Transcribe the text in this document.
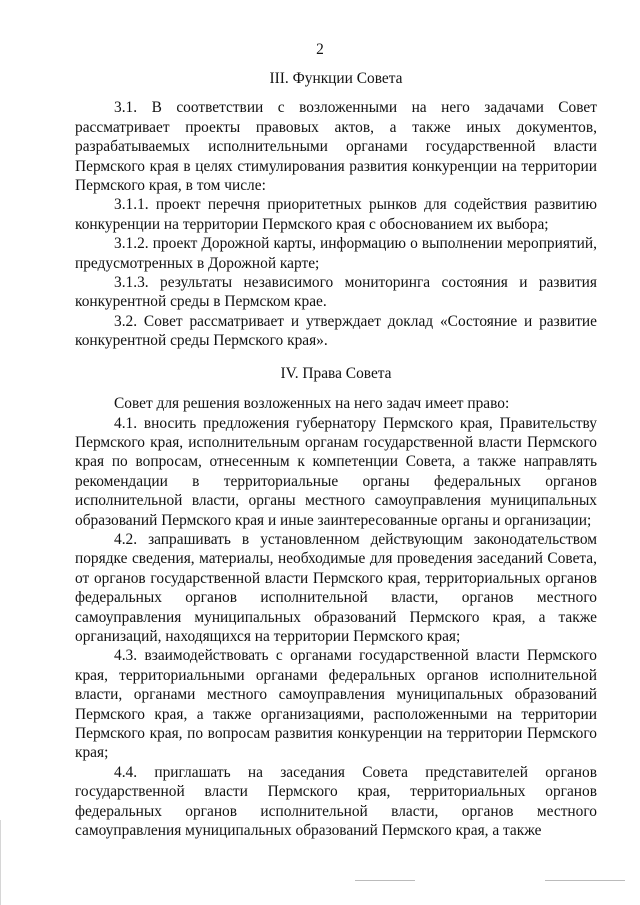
2
III. Функции Совета

3.1. В соответствии с возложенными на него задачами Совет рассматривает проекты правовых актов, а также иных документов, разрабатываемых исполнительными органами государственной власти Пермского края в целях стимулирования развития конкуренции на территории Пермского края, в том числе:

3.1.1. проект перечня приоритетных рынков для содействия развитию конкуренции на территории Пермского края с обоснованием их выбора;

3.1.2. проект Дорожной карты, информацию о выполнении мероприятий, предусмотренных в Дорожной карте;

3.1.3. результаты независимого мониторинга состояния и развития конкурентной среды в Пермском крае.

3.2. Совет рассматривает и утверждает доклад «Состояние и развитие конкурентной среды Пермского края».

IV. Права Совета

Совет для решения возложенных на него задач имеет право:

4.1. вносить предложения губернатору Пермского края, Правительству Пермского края, исполнительным органам государственной власти Пермского края по вопросам, отнесенным к компетенции Совета, а также направлять рекомендации в территориальные органы федеральных органов исполнительной власти, органы местного самоуправления муниципальных образований Пермского края и иные заинтересованные органы и организации;

4.2. запрашивать в установленном действующим законодательством порядке сведения, материалы, необходимые для проведения заседаний Совета, от органов государственной власти Пермского края, территориальных органов федеральных органов исполнительной власти, органов местного самоуправления муниципальных образований Пермского края, а также организаций, находящихся на территории Пермского края;

4.3. взаимодействовать с органами государственной власти Пермского края, территориальными органами федеральных органов исполнительной власти, органами местного самоуправления муниципальных образований Пермского края, а также организациями, расположенными на территории Пермского края, по вопросам развития конкуренции на территории Пермского края;

4.4. приглашать на заседания Совета представителей органов государственной власти Пермского края, территориальных органов федеральных органов исполнительной власти, органов местного самоуправления муниципальных образований Пермского края, а также
